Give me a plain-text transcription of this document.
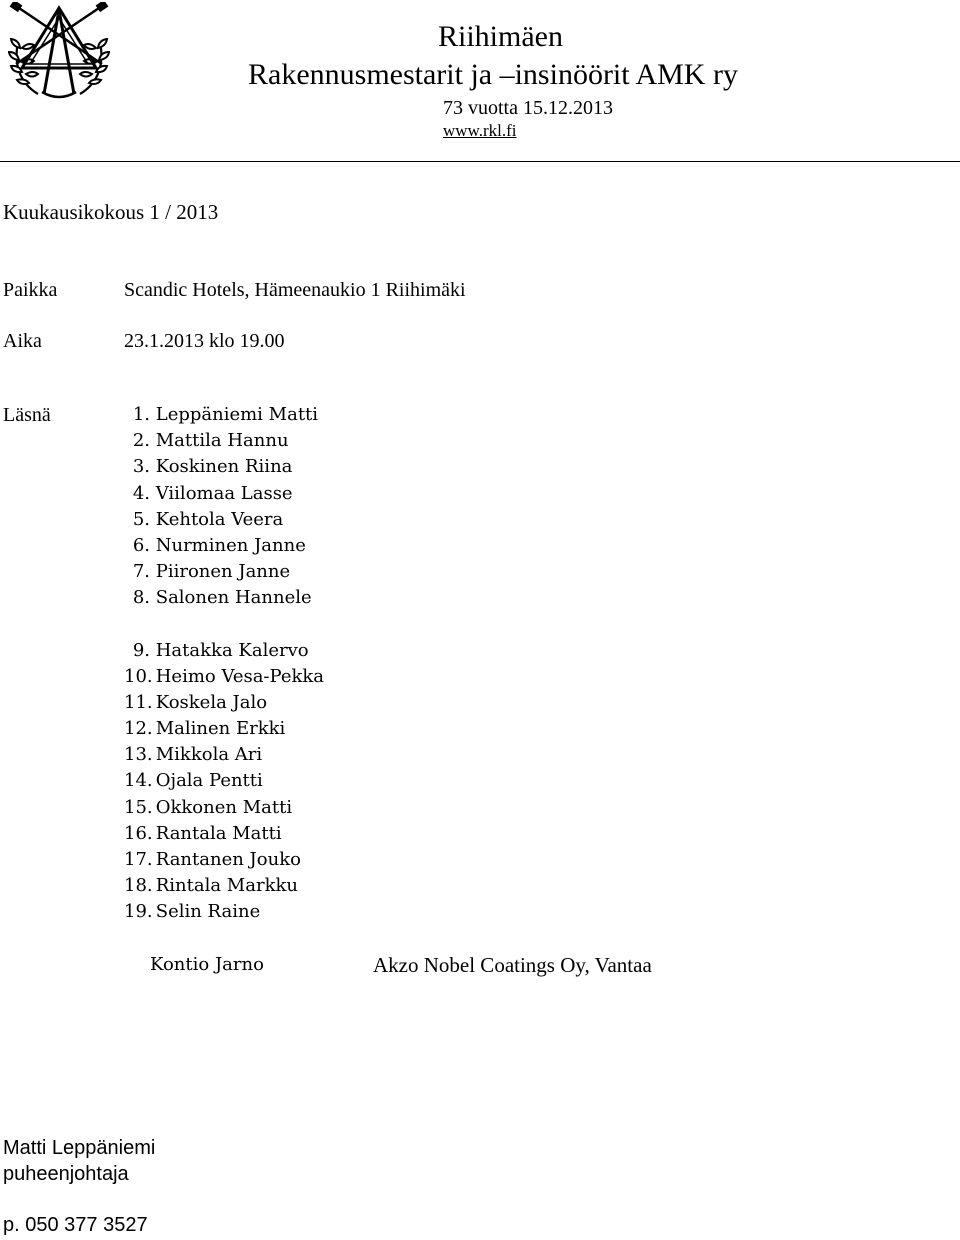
Riihimäen
Rakennusmestarit ja –insinöörit AMK ry
73 vuotta 15.12.2013
www.rkl.fi
Kuukausikokous 1 / 2013
Paikka	Scandic Hotels, Hämeenaukio 1 Riihimäki
Aika	23.1.2013 klo 19.00
Läsnä	1. Leppäniemi Matti
2. Mattila Hannu
3. Koskinen Riina
4. Viilomaa Lasse
5. Kehtola Veera
6. Nurminen Janne
7. Piironen Janne
8. Salonen Hannele
9. Hatakka Kalervo
10. Heimo Vesa-Pekka
11. Koskela Jalo
12. Malinen Erkki
13. Mikkola Ari
14. Ojala Pentti
15. Okkonen Matti
16. Rantala Matti
17. Rantanen Jouko
18. Rintala Markku
19. Selin Raine
Kontio Jarno	Akzo Nobel Coatings Oy, Vantaa
Matti Leppäniemi
puheenjohtaja
p. 050 377 3527
